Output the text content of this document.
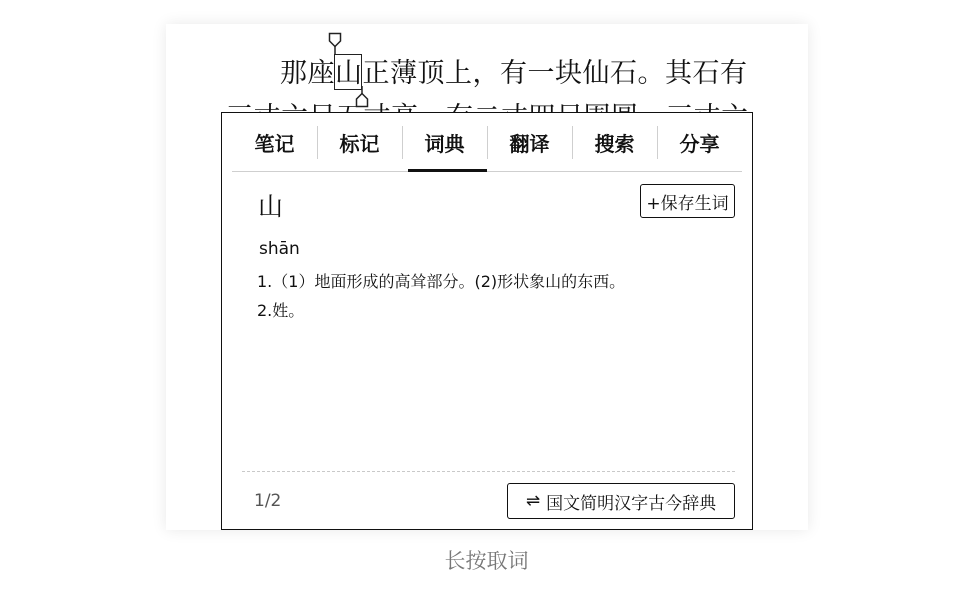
那座山正薄顶上，有一块仙石。其石有
笔记	标记	词典	翻译	搜索	分享
山	+保存生词
shān
1.（1）地面形成的高耸部分。(2)形状象山的东西。
2.姓。
1/2	⇌ 国文简明汉字古今辞典
长按取词
